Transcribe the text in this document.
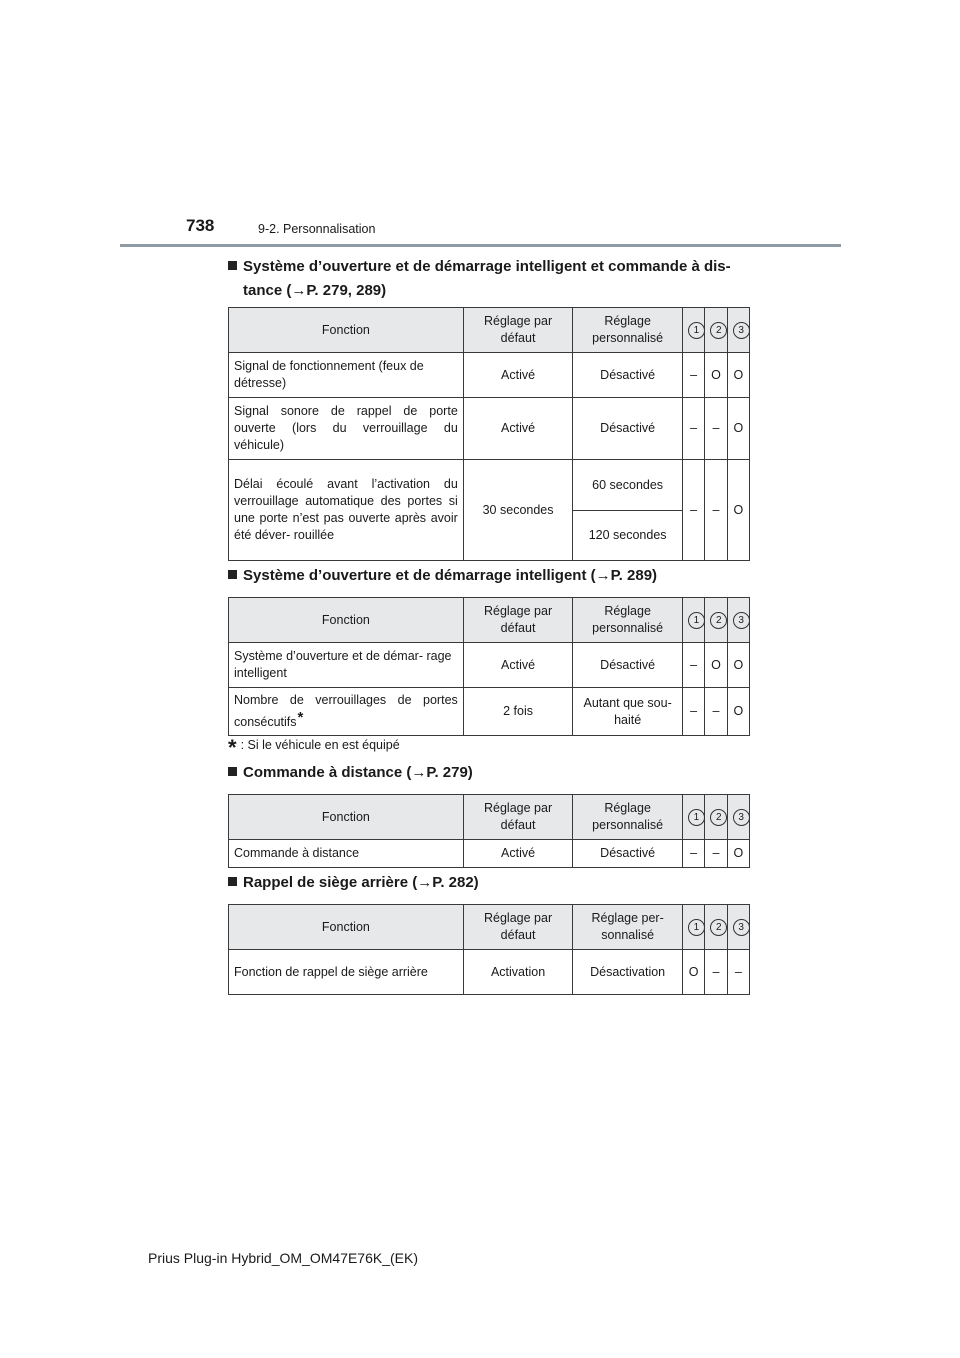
738	9-2. Personnalisation
Système d’ouverture et de démarrage intelligent et commande à dis-
tance (→P. 279, 289)
Fonction	Réglage par défaut	Réglage personnalisé	1	2	3
Signal de fonctionnement (feux de détresse)	Activé	Désactivé	–	O	O
Signal sonore de rappel de porte ouverte (lors du verrouillage du véhicule)	Activé	Désactivé	–	–	O
Délai écoulé avant l’activation du verrouillage automatique des portes si une porte n’est pas ouverte après avoir été déver- rouillée	30 secondes	60 secondes	–	–	O
		120 secondes			
Système d’ouverture et de démarrage intelligent (→P. 289)
Fonction	Réglage par défaut	Réglage personnalisé	1	2	3
Système d’ouverture et de démar- rage intelligent	Activé	Désactivé	–	O	O
Nombre de verrouillages de portes consécutifs*	2 fois	Autant que sou- haité	–	–	O
* : Si le véhicule en est équipé
Commande à distance (→P. 279)
Fonction	Réglage par défaut	Réglage personnalisé	1	2	3
Commande à distance	Activé	Désactivé	–	–	O
Rappel de siège arrière (→P. 282)
Fonction	Réglage par défaut	Réglage per- sonnalisé	1	2	3
Fonction de rappel de siège arrière	Activation	Désactivation	O	–	–
Prius Plug-in Hybrid_OM_OM47E76K_(EK)
